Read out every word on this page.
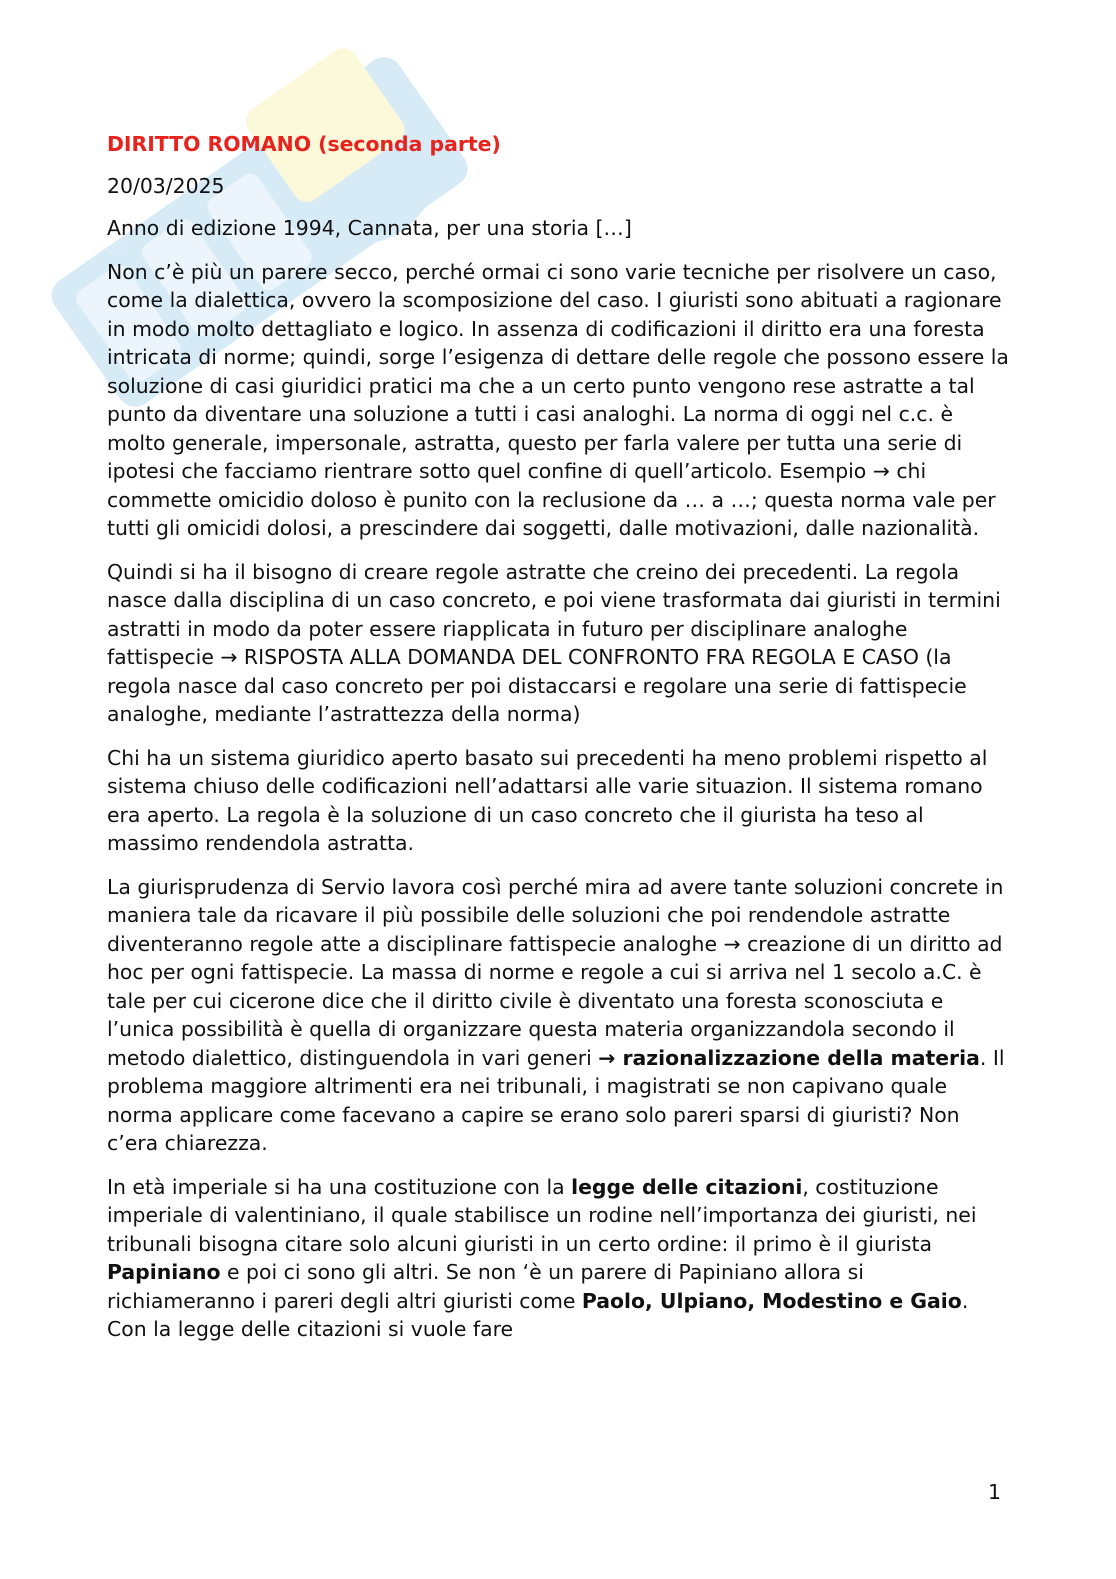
DIRITTO ROMANO (seconda parte)

20/03/2025

Anno di edizione 1994, Cannata, per una storia […]

Non c’è più un parere secco, perché ormai ci sono varie tecniche per risolvere un caso, come la dialettica, ovvero la scomposizione del caso. I giuristi sono abituati a ragionare in modo molto dettagliato e logico. In assenza di codificazioni il diritto era una foresta intricata di norme; quindi, sorge l’esigenza di dettare delle regole che possono essere la soluzione di casi giuridici pratici ma che a un certo punto vengono rese astratte a tal punto da diventare una soluzione a tutti i casi analoghi. La norma di oggi nel c.c. è molto generale, impersonale, astratta, questo per farla valere per tutta una serie di ipotesi che facciamo rientrare sotto quel confine di quell’articolo. Esempio → chi commette omicidio doloso è punito con la reclusione da … a …; questa norma vale per tutti gli omicidi dolosi, a prescindere dai soggetti, dalle motivazioni, dalle nazionalità.

Quindi si ha il bisogno di creare regole astratte che creino dei precedenti. La regola nasce dalla disciplina di un caso concreto, e poi viene trasformata dai giuristi in termini astratti in modo da poter essere riapplicata in futuro per disciplinare analoghe fattispecie → RISPOSTA ALLA DOMANDA DEL CONFRONTO FRA REGOLA E CASO (la regola nasce dal caso concreto per poi distaccarsi e regolare una serie di fattispecie analoghe, mediante l’astrattezza della norma)

Chi ha un sistema giuridico aperto basato sui precedenti ha meno problemi rispetto al sistema chiuso delle codificazioni nell’adattarsi alle varie situazion. Il sistema romano era aperto. La regola è la soluzione di un caso concreto che il giurista ha teso al massimo rendendola astratta.

La giurisprudenza di Servio lavora così perché mira ad avere tante soluzioni concrete in maniera tale da ricavare il più possibile delle soluzioni che poi rendendole astratte diventeranno regole atte a disciplinare fattispecie analoghe → creazione di un diritto ad hoc per ogni fattispecie. La massa di norme e regole a cui si arriva nel 1 secolo a.C. è tale per cui cicerone dice che il diritto civile è diventato una foresta sconosciuta e l’unica possibilità è quella di organizzare questa materia organizzandola secondo il metodo dialettico, distinguendola in vari generi → razionalizzazione della materia. Il problema maggiore altrimenti era nei tribunali, i magistrati se non capivano quale norma applicare come facevano a capire se erano solo pareri sparsi di giuristi? Non c’era chiarezza.

In età imperiale si ha una costituzione con la legge delle citazioni, costituzione imperiale di valentiniano, il quale stabilisce un rodine nell’importanza dei giuristi, nei tribunali bisogna citare solo alcuni giuristi in un certo ordine: il primo è il giurista Papiniano e poi ci sono gli altri. Se non ‘è un parere di Papiniano allora si richiameranno i pareri degli altri giuristi come Paolo, Ulpiano, Modestino e Gaio. Con la legge delle citazioni si vuole fare

1
